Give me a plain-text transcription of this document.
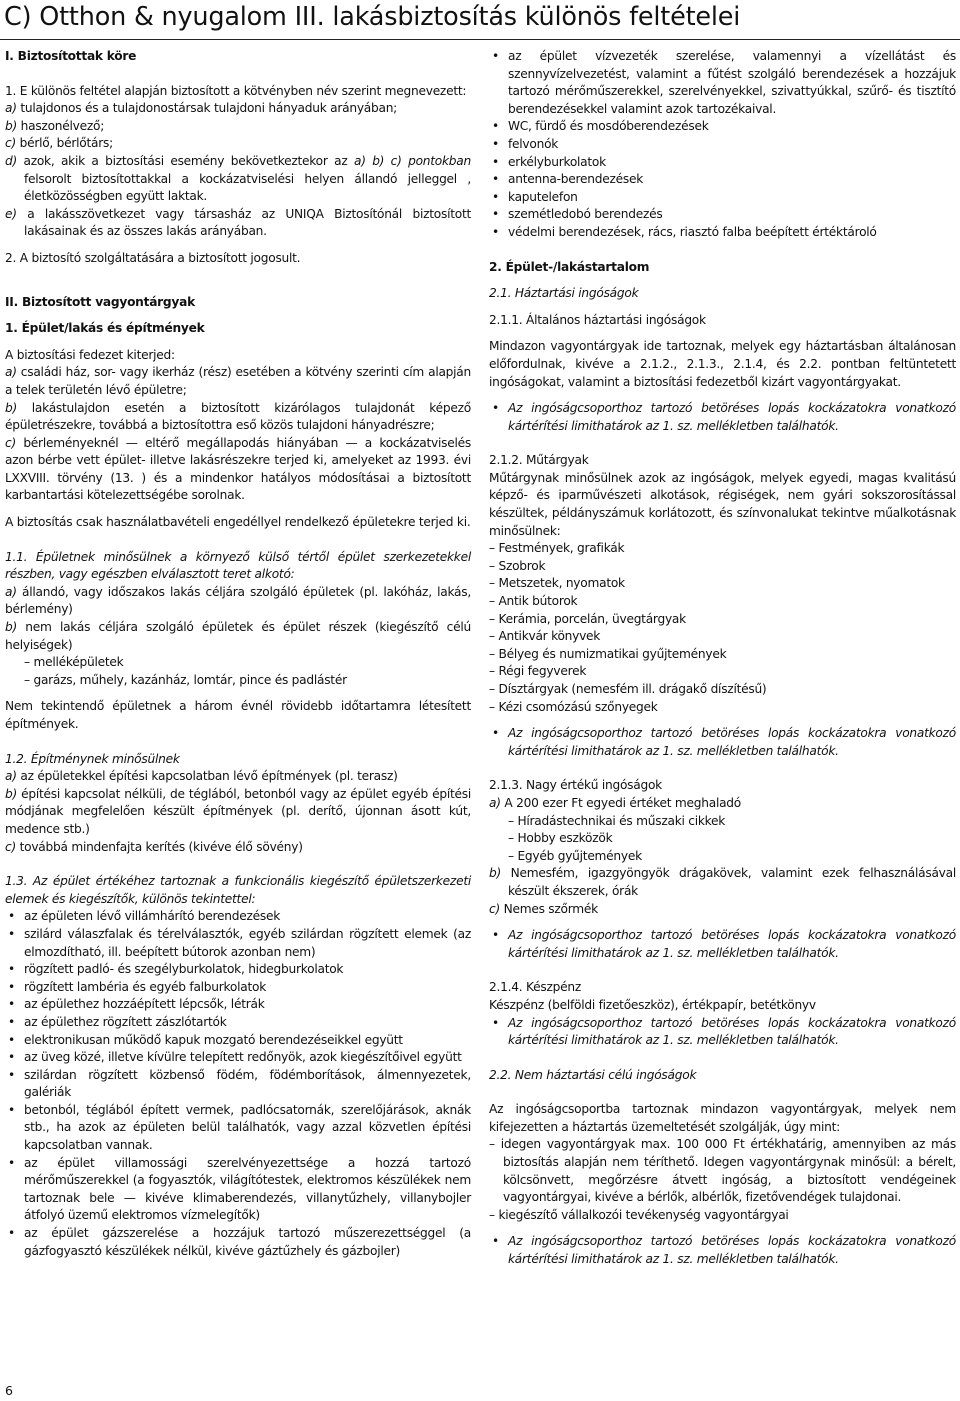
C) Otthon & nyugalom III. lakásbiztosítás különös feltételei

I. Biztosítottak köre

1. E különös feltétel alapján biztosított a kötvényben név szerint megnevezett:

a) tulajdonos és a tulajdonostársak tulajdoni hányaduk arányában;

b) haszonélvező;

c) bérlő, bérlőtárs;

d) azok, akik a biztosítási esemény bekövetkeztekor az a) b) c) pontokban felsorolt biztosítottakkal a kockázatviselési helyen állandó jelleggel , életközösségben együtt laktak.

e) a lakásszövetkezet vagy társasház az UNIQA Biztosítónál biztosított lakásainak és az összes lakás arányában.

2. A biztosító szolgáltatására a biztosított jogosult.

II. Biztosított vagyontárgyak

1. Épület/lakás és építmények

A biztosítási fedezet kiterjed:

a) családi ház, sor- vagy ikerház (rész) esetében a kötvény szerinti cím alapján a telek területén lévő épületre;

b) lakástulajdon esetén a biztosított kizárólagos tulajdonát képező épületrészekre, továbbá a biztosítottra eső közös tulajdoni hányadrészre;

c) bérleményeknél — eltérő megállapodás hiányában — a kockázatviselés azon bérbe vett épület- illetve lakásrészekre terjed ki, amelyeket az 1993. évi LXXVIII. törvény (13. ) és a mindenkor hatályos módosításai a biztosított karbantartási kötelezettségébe sorolnak.

A biztosítás csak használatbavételi engedéllyel rendelkező épületekre terjed ki.

1.1. Épületnek minősülnek a környező külső tértől épület szerkezetekkel részben, vagy egészben elválasztott teret alkotó:

a) állandó, vagy időszakos lakás céljára szolgáló épületek (pl. lakóház, lakás, bérlemény)

b) nem lakás céljára szolgáló épületek és épület részek (kiegészítő célú helyiségek)

– melléképületek

– garázs, műhely, kazánház, lomtár, pince és padlástér

Nem tekintendő épületnek a három évnél rövidebb időtartamra létesített építmények.

1.2. Építménynek minősülnek

a) az épületekkel építési kapcsolatban lévő építmények (pl. terasz)

b) építési kapcsolat nélküli, de téglából, betonból vagy az épület egyéb építési módjának megfelelően készült építmények (pl. derítő, újonnan ásott kút, medence stb.)

c) továbbá mindenfajta kerítés (kivéve élő sövény)

1.3. Az épület értékéhez tartoznak a funkcionális kiegészítő épületszerkezeti elemek és kiegészítők, különös tekintettel:

• az épületen lévő villámhárító berendezések

• szilárd válaszfalak és térelválasztók, egyéb szilárdan rögzített elemek (az elmozdítható, ill. beépített bútorok azonban nem)

• rögzített padló- és szegélyburkolatok, hidegburkolatok

• rögzített lambéria és egyéb falburkolatok

• az épülethez hozzáépített lépcsők, létrák

• az épülethez rögzített zászlótartók

• elektronikusan működő kapuk mozgató berendezéseikkel együtt

• az üveg közé, illetve kívülre telepített redőnyök, azok kiegészítőivel együtt

• szilárdan rögzített közbenső födém, födémborítások, álmennyezetek, galériák

• betonból, téglából épített vermek, padlócsatornák, szerelőjárások, aknák stb., ha azok az épületen belül találhatók, vagy azzal közvetlen építési kapcsolatban vannak.

• az épület villamossági szerelvényezettsége a hozzá tartozó mérőműszerekkel (a fogyasztók, világítótestek, elektromos készülékek nem tartoznak bele — kivéve klimaberendezés, villanytűzhely, villanybojler átfolyó üzemű elektromos vízmelegítők)

• az épület gázszerelése a hozzájuk tartozó műszerezettséggel (a gázfogyasztó készülékek nélkül, kivéve gáztűzhely és gázbojler)

• az épület vízvezeték szerelése, valamennyi a vízellátást és szennyvízelvezetést, valamint a fűtést szolgáló berendezések a hozzájuk tartozó mérőműszerekkel, szerelvényekkel, szivattyúkkal, szűrő- és tisztító berendezésekkel valamint azok tartozékaival.

• WC, fürdő és mosdóberendezések

• felvonók

• erkélyburkolatok

• antenna-berendezések

• kaputelefon

• szemétledobó berendezés

• védelmi berendezések, rács, riasztó falba beépített értéktároló

2. Épület-/lakástartalom

2.1. Háztartási ingóságok

2.1.1. Általános háztartási ingóságok

Mindazon vagyontárgyak ide tartoznak, melyek egy háztartásban általánosan előfordulnak, kivéve a 2.1.2., 2.1.3., 2.1.4, és 2.2. pontban feltüntetett ingóságokat, valamint a biztosítási fedezetből kizárt vagyontárgyakat.

• Az ingóságcsoporthoz tartozó betöréses lopás kockázatokra vonatkozó kártérítési limithatárok az 1. sz. mellékletben találhatók.

2.1.2. Műtárgyak

Műtárgynak minősülnek azok az ingóságok, melyek egyedi, magas kvalitású képző- és iparművészeti alkotások, régiségek, nem gyári sokszorosítással készültek, példányszámuk korlátozott, és színvonalukat tekintve műalkotásnak minősülnek:

– Festmények, grafikák

– Szobrok

– Metszetek, nyomatok

– Antik bútorok

– Kerámia, porcelán, üvegtárgyak

– Antikvár könyvek

– Bélyeg és numizmatikai gyűjtemények

– Régi fegyverek

– Dísztárgyak (nemesfém ill. drágakő díszítésű)

– Kézi csomózású szőnyegek

• Az ingóságcsoporthoz tartozó betöréses lopás kockázatokra vonatkozó kártérítési limithatárok az 1. sz. mellékletben találhatók.

2.1.3. Nagy értékű ingóságok

a) A 200 ezer Ft egyedi értéket meghaladó

– Híradástechnikai és műszaki cikkek

– Hobby eszközök

– Egyéb gyűjtemények

b) Nemesfém, igazgyöngyök drágakövek, valamint ezek felhasználásával készült ékszerek, órák

c) Nemes szőrmék

• Az ingóságcsoporthoz tartozó betöréses lopás kockázatokra vonatkozó kártérítési limithatárok az 1. sz. mellékletben találhatók.

2.1.4. Készpénz

Készpénz (belföldi fizetőeszköz), értékpapír, betétkönyv

• Az ingóságcsoporthoz tartozó betöréses lopás kockázatokra vonatkozó kártérítési limithatárok az 1. sz. mellékletben találhatók.

2.2. Nem háztartási célú ingóságok

Az ingóságcsoportba tartoznak mindazon vagyontárgyak, melyek nem kifejezetten a háztartás üzemeltetését szolgálják, úgy mint:

– idegen vagyontárgyak max. 100 000 Ft értékhatárig, amennyiben az más biztosítás alapján nem téríthető. Idegen vagyontárgynak minősül: a bérelt, kölcsönvett, megőrzésre átvett ingóság, a biztosított vendégeinek vagyontárgyai, kivéve a bérlők, albérlők, fizetővendégek tulajdonai.

– kiegészítő vállalkozói tevékenység vagyontárgyai

• Az ingóságcsoporthoz tartozó betöréses lopás kockázatokra vonatkozó kártérítési limithatárok az 1. sz. mellékletben találhatók.

6
